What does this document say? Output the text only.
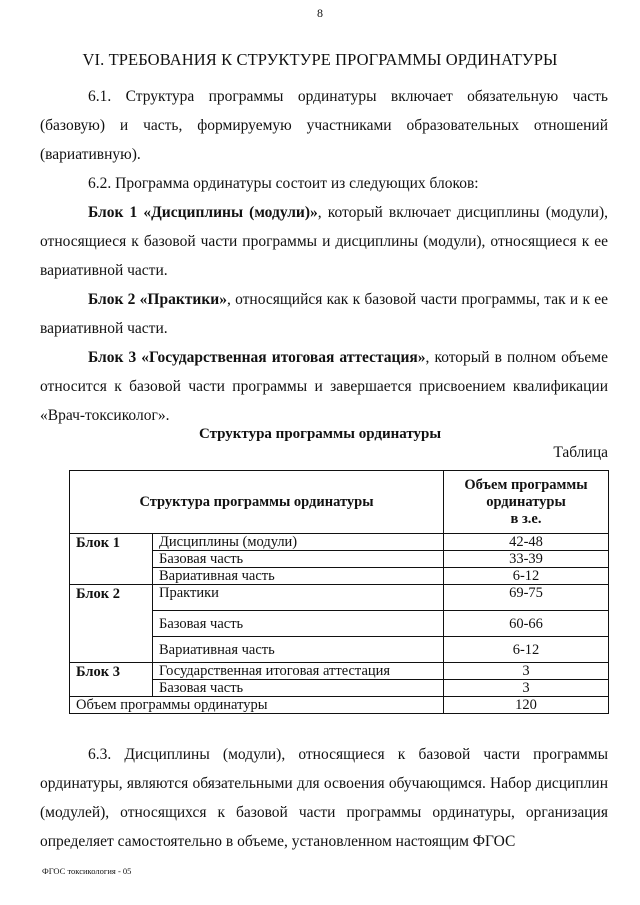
8
VI. ТРЕБОВАНИЯ К СТРУКТУРЕ ПРОГРАММЫ ОРДИНАТУРЫ

6.1. Структура программы ординатуры включает обязательную часть (базовую) и часть, формируемую участниками образовательных отношений (вариативную).

6.2. Программа ординатуры состоит из следующих блоков:

Блок 1 «Дисциплины (модули)», который включает дисциплины (модули), относящиеся к базовой части программы и дисциплины (модули), относящиеся к ее вариативной части.

Блок 2 «Практики», относящийся как к базовой части программы, так и к ее вариативной части.

Блок 3 «Государственная итоговая аттестация», который в полном объеме относится к базовой части программы и завершается присвоением квалификации «Врач-токсиколог».

Структура программы ординатуры
Таблица
Структура программы ординатуры		Объем программы
ординатуры
в з.е.

Блок 1	Дисциплины (модули)	42-48
	Базовая часть	33-39
	Вариативная часть	6-12
Блок 2	Практики	69-75
	Базовая часть	60-66
	Вариативная часть	6-12
Блок 3	Государственная итоговая аттестация	3
	Базовая часть	3
Объем программы ординатуры		120

6.3. Дисциплины (модули), относящиеся к базовой части программы ординатуры, являются обязательными для освоения обучающимся. Набор дисциплин (модулей), относящихся к базовой части программы ординатуры, организация определяет самостоятельно в объеме, установленном настоящим ФГОС

ФГОС токсикология - 05
